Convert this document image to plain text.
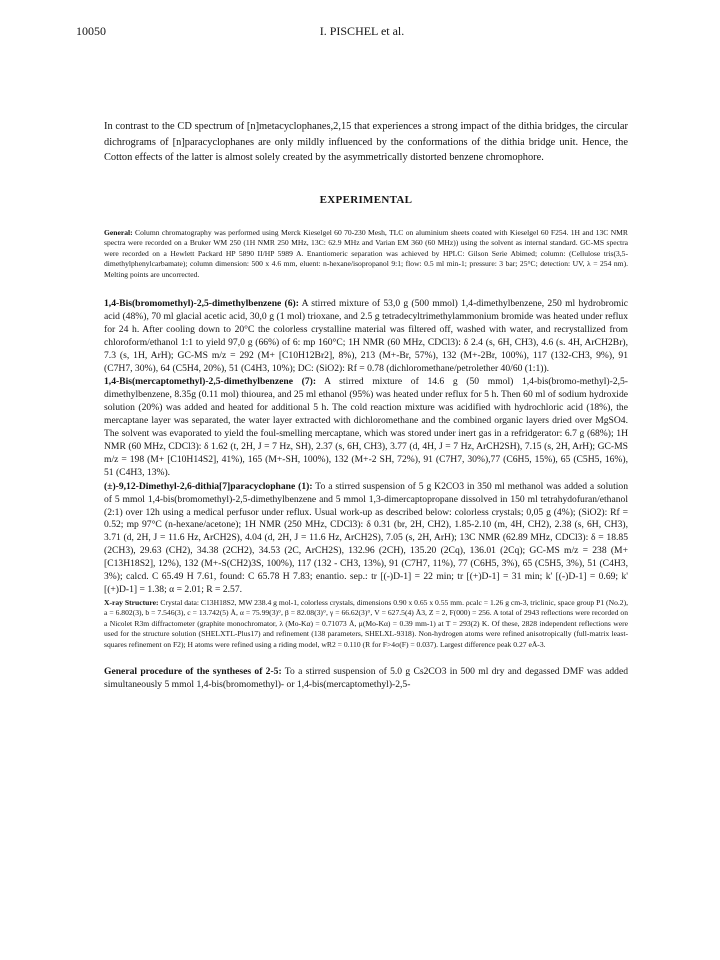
10050	I. PISCHEL et al.

In contrast to the CD spectrum of [n]metacyclophanes,2,15 that experiences a strong impact of the dithia bridges, the circular dichrograms of [n]paracyclophanes are only mildly influenced by the conformations of the dithia bridge unit. Hence, the Cotton effects of the latter is almost solely created by the asymmetrically distorted benzene chromophore.

EXPERIMENTAL

General: Column chromatography was performed using Merck Kieselgel 60 70-230 Mesh, TLC on aluminium sheets coated with Kieselgel 60 F254. 1H and 13C NMR spectra were recorded on a Bruker WM 250 (1H NMR 250 MHz, 13C: 62.9 MHz and Varian EM 360 (60 MHz)) using the solvent as internal standard. GC-MS spectra were recorded on a Hewlett Packard HP 5890 II/HP 5989 A. Enantiomeric separation was achieved by HPLC: Gilson Serie Abimed; column: (Cellulose tris(3,5-dimethylphenylcarbamate); column dimension: 500 x 4.6 mm, eluent: n-hexane/isopropanol 9:1; flow: 0.5 ml min-1; pressure: 3 bar; 25°C; detection: UV, λ = 254 nm). Melting points are uncorrected.

1,4-Bis(bromomethyl)-2,5-dimethylbenzene (6): A stirred mixture of 53,0 g (500 mmol) 1,4-dimethylbenzene, 250 ml hydrobromic acid (48%), 70 ml glacial acetic acid, 30,0 g (1 mol) trioxane, and 2.5 g tetradecyltrimethylammonium bromide was heated under reflux for 24 h. After cooling down to 20°C the colorless crystalline material was filtered off, washed with water, and recrystallized from chloroform/ethanol 1:1 to yield 97,0 g (66%) of 6: mp 160°C; 1H NMR (60 MHz, CDCl3): δ 2.4 (s, 6H, CH3), 4.6 (s. 4H, ArCH2Br), 7.3 (s, 1H, ArH); GC-MS m/z = 292 (M+ [C10H12Br2], 8%), 213 (M+-Br, 57%), 132 (M+-2Br, 100%), 117 (132-CH3, 9%), 91 (C7H7, 30%), 64 (C5H4, 20%), 51 (C4H3, 10%); DC: (SiO2): Rf = 0.78 (dichloromethane/petrolether 40/60 (1:1)).

1,4-Bis(mercaptomethyl)-2,5-dimethylbenzene (7): A stirred mixture of 14.6 g (50 mmol) 1,4-bis(bromo-methyl)-2,5-dimethylbenzene, 8.35g (0.11 mol) thiourea, and 25 ml ethanol (95%) was heated under reflux for 5 h. Then 60 ml of sodium hydroxide solution (20%) was added and heated for additional 5 h. The cold reaction mixture was acidified with hydrochloric acid (18%), the mercaptane layer was separated, the water layer extracted with dichloromethane and the combined organic layers dried over MgSO4. The solvent was evaporated to yield the foul-smelling mercaptane, which was stored under inert gas in a refridgerator: 6.7 g (68%); 1H NMR (60 MHz, CDCl3): δ 1.62 (t, 2H, J = 7 Hz, SH), 2.37 (s, 6H, CH3), 3.77 (d, 4H, J = 7 Hz, ArCH2SH), 7.15 (s, 2H, ArH); GC-MS m/z = 198 (M+ [C10H14S2], 41%), 165 (M+-SH, 100%), 132 (M+-2 SH, 72%), 91 (C7H7, 30%),77 (C6H5, 15%), 65 (C5H5, 16%), 51 (C4H3, 13%).

(±)-9,12-Dimethyl-2,6-dithia[7]paracyclophane (1): To a stirred suspension of 5 g K2CO3 in 350 ml methanol was added a solution of 5 mmol 1,4-bis(bromomethyl)-2,5-dimethylbenzene and 5 mmol 1,3-dimercaptopropane dissolved in 150 ml tetrahydofuran/ethanol (2:1) over 12h using a medical perfusor under reflux. Usual work-up as described below: colorless crystals; 0,05 g (4%); (SiO2): Rf = 0.52; mp 97°C (n-hexane/acetone); 1H NMR (250 MHz, CDCl3): δ 0.31 (br, 2H, CH2), 1.85-2.10 (m, 4H, CH2), 2.38 (s, 6H, CH3), 3.71 (d, 2H, J = 11.6 Hz, ArCH2S), 4.04 (d, 2H, J = 11.6 Hz, ArCH2S), 7.05 (s, 2H, ArH); 13C NMR (62.89 MHz, CDCl3): δ = 18.85 (2CH3), 29.63 (CH2), 34.38 (2CH2), 34.53 (2C, ArCH2S), 132.96 (2CH), 135.20 (2Cq), 136.01 (2Cq); GC-MS m/z = 238 (M+ [C13H18S2], 12%), 132 (M+-S(CH2)3S, 100%), 117 (132 - CH3, 13%), 91 (C7H7, 11%), 77 (C6H5, 3%), 65 (C5H5, 3%), 51 (C4H3, 3%); calcd. C 65.49 H 7.61, found: C 65.78 H 7.83; enantio. sep.: tr [(-)D-1] = 22 min; tr [(+)D-1] = 31 min; k' [(-)D-1] = 0.69; k' [(+)D-1] = 1.38; α = 2.01; R = 2.57.

X-ray Structure: Crystal data: C13H18S2, MW 238.4 g mol-1, colorless crystals, dimensions 0.90 x 0.65 x 0.55 mm. ρcalc = 1.26 g cm-3, triclinic, space group P1 (No.2), a = 6.802(3), b = 7.546(3), c = 13.742(5) Å, α = 75.99(3)°, β = 82.08(3)°, γ = 66.62(3)°, V = 627.5(4) Å3, Z = 2, F(000) = 256. A total of 2943 reflections were recorded on a Nicolet R3m diffractometer (graphite monochromator, λ (Mo-Kα) = 0.71073 Å, μ(Mo-Kα) = 0.39 mm-1) at T = 293(2) K. Of these, 2828 independent reflections were used for the structure solution (SHELXTL-Plus17) and refinement (138 parameters, SHELXL-9318). Non-hydrogen atoms were refined anisotropically (full-matrix least-squares refinement on F2); H atoms were refined using a riding model, wR2 = 0.110 (R for F>4σ(F) = 0.037). Largest difference peak 0.27 eÅ-3.

General procedure of the syntheses of 2-5: To a stirred suspension of 5.0 g Cs2CO3 in 500 ml dry and degassed DMF was added simultaneously 5 mmol 1,4-bis(bromomethyl)- or 1,4-bis(mercaptomethyl)-2,5-
